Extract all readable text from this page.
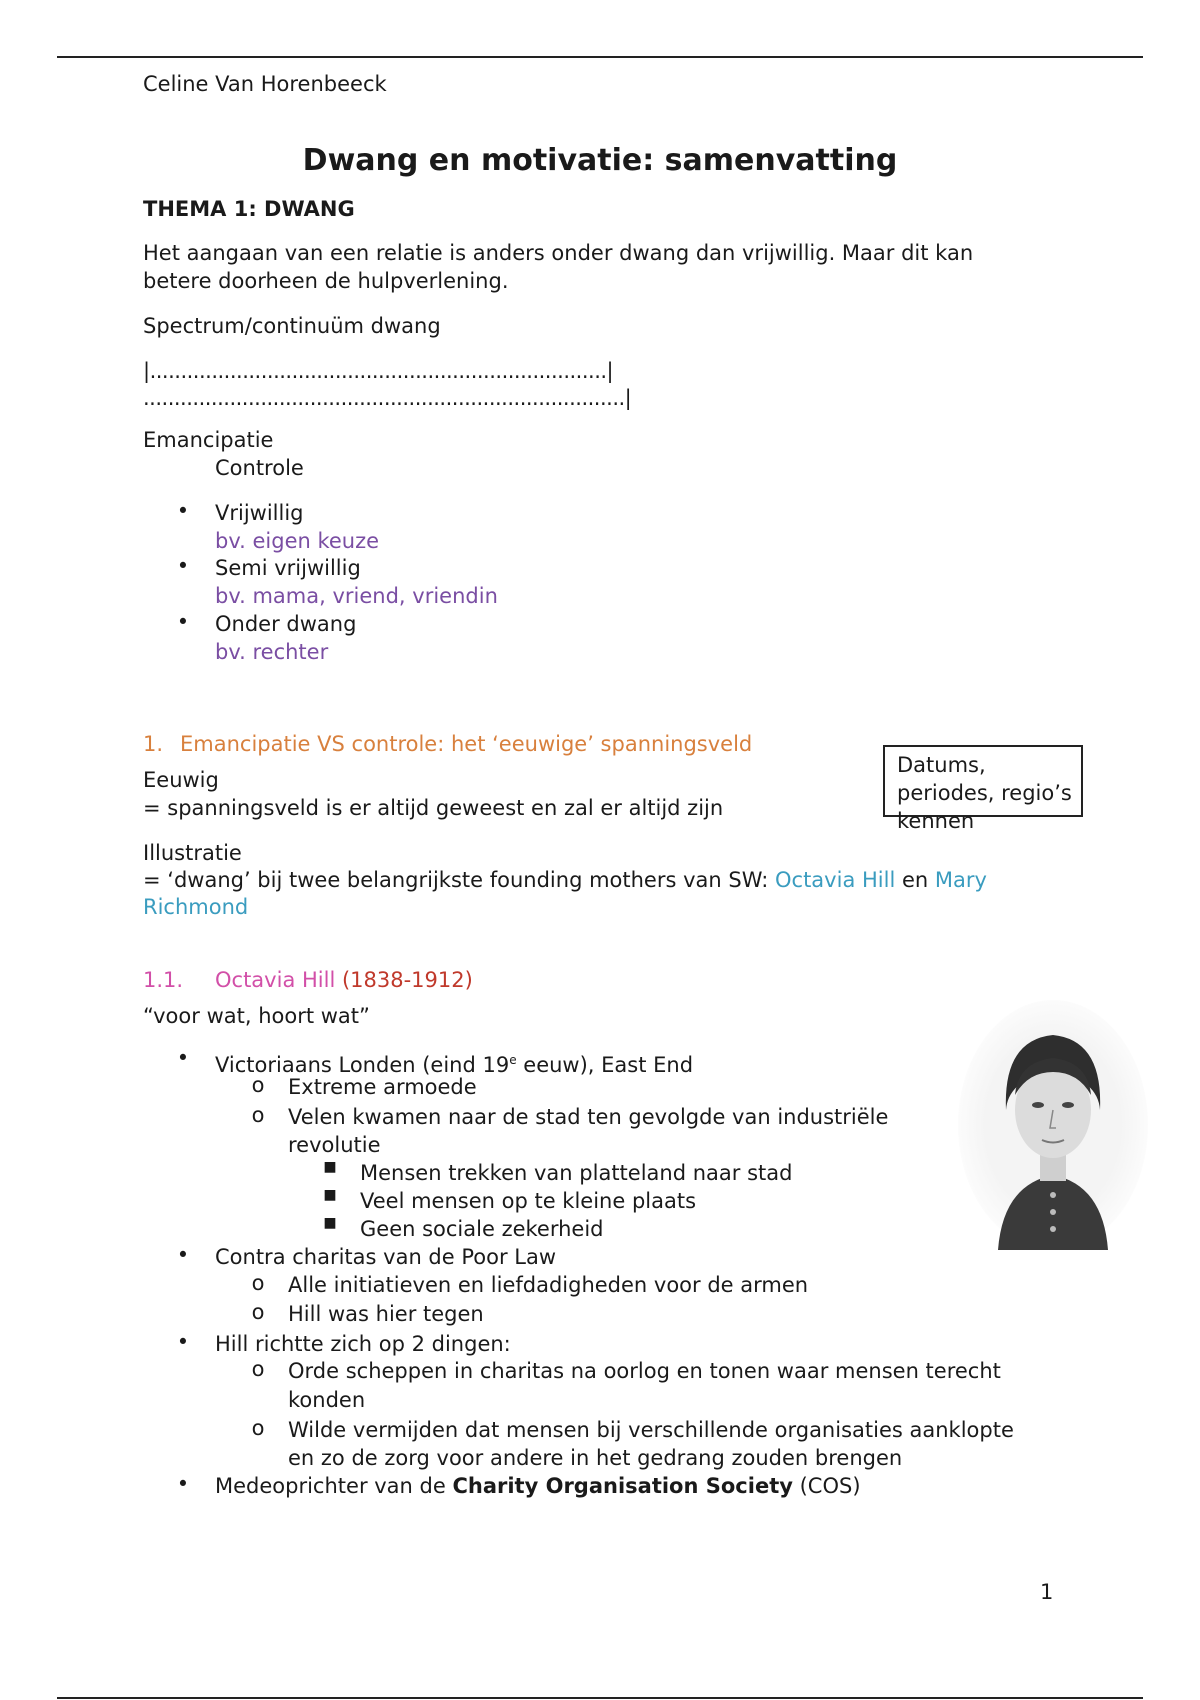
Celine Van Horenbeeck
Dwang en motivatie: samenvatting
THEMA 1: DWANG
Het aangaan van een relatie is anders onder dwang dan vrijwillig. Maar dit kan
betere doorheen de hulpverlening.
Spectrum/continuüm dwang
|..........................................................................|
..............................................................................|
Emancipatie
Controle
• Vrijwillig
bv. eigen keuze
• Semi vrijwillig
bv. mama, vriend, vriendin
• Onder dwang
bv. rechter
1. Emancipatie VS controle: het ‘eeuwige’ spanningsveld
Datums,
periodes, regio’s
kennen
Eeuwig
= spanningsveld is er altijd geweest en zal er altijd zijn
Illustratie
= ‘dwang’ bij twee belangrijkste founding mothers van SW: Octavia Hill en Mary
Richmond
1.1. Octavia Hill (1838-1912)
“voor wat, hoort wat”
• Victoriaans Londen (eind 19e eeuw), East End
o Extreme armoede
o Velen kwamen naar de stad ten gevolgde van industriële
revolutie
■ Mensen trekken van platteland naar stad
■ Veel mensen op te kleine plaats
■ Geen sociale zekerheid
• Contra charitas van de Poor Law
o Alle initiatieven en liefdadigheden voor de armen
o Hill was hier tegen
• Hill richtte zich op 2 dingen:
o Orde scheppen in charitas na oorlog en tonen waar mensen terecht
konden
o Wilde vermijden dat mensen bij verschillende organisaties aanklopte
en zo de zorg voor andere in het gedrang zouden brengen
• Medeoprichter van de Charity Organisation Society (COS)
1
